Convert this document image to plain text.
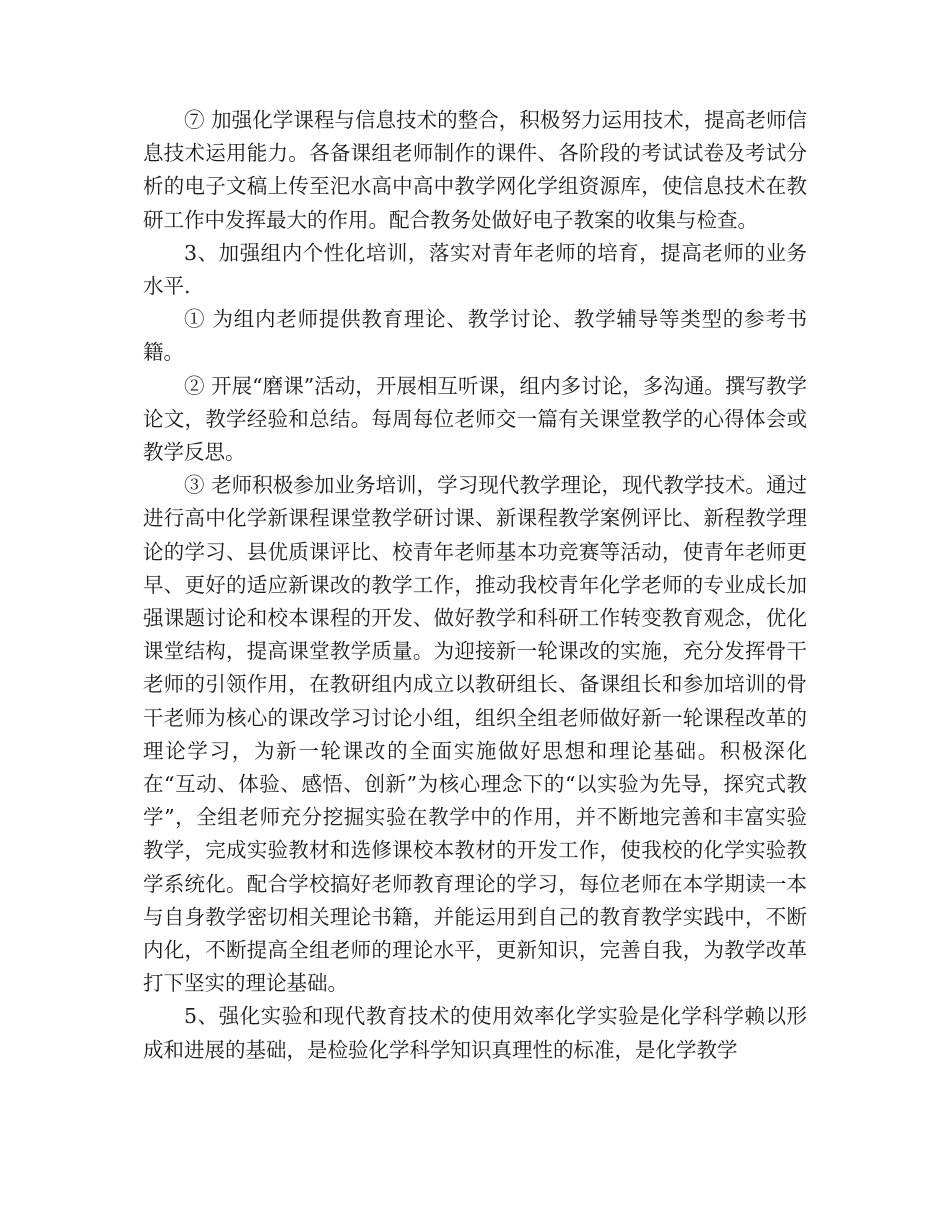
⑦ 加强化学课程与信息技术的整合，积极努力运用技术，提高老师信息技术运用能力。各备课组老师制作的课件、各阶段的考试试卷及考试分析的电子文稿上传至汜水高中高中教学网化学组资源库，使信息技术在教研工作中发挥最大的作用。配合教务处做好电子教案的收集与检查。

3、加强组内个性化培训，落实对青年老师的培育，提高老师的业务水平.

① 为组内老师提供教育理论、教学讨论、教学辅导等类型的参考书籍。

② 开展“磨课”活动，开展相互听课，组内多讨论，多沟通。撰写教学论文，教学经验和总结。每周每位老师交一篇有关课堂教学的心得体会或教学反思。

③ 老师积极参加业务培训，学习现代教学理论，现代教学技术。通过进行高中化学新课程课堂教学研讨课、新课程教学案例评比、新程教学理论的学习、县优质课评比、校青年老师基本功竞赛等活动，使青年老师更早、更好的适应新课改的教学工作，推动我校青年化学老师的专业成长加强课题讨论和校本课程的开发、做好教学和科研工作转变教育观念，优化课堂结构，提高课堂教学质量。为迎接新一轮课改的实施，充分发挥骨干老师的引领作用，在教研组内成立以教研组长、备课组长和参加培训的骨干老师为核心的课改学习讨论小组，组织全组老师做好新一轮课程改革的理论学习，为新一轮课改的全面实施做好思想和理论基础。积极深化在“互动、体验、感悟、创新”为核心理念下的“以实验为先导，探究式教学”，全组老师充分挖掘实验在教学中的作用，并不断地完善和丰富实验教学，完成实验教材和选修课校本教材的开发工作，使我校的化学实验教学系统化。配合学校搞好老师教育理论的学习，每位老师在本学期读一本与自身教学密切相关理论书籍，并能运用到自己的教育教学实践中，不断内化，不断提高全组老师的理论水平，更新知识，完善自我，为教学改革打下坚实的理论基础。

5、强化实验和现代教育技术的使用效率化学实验是化学科学赖以形成和进展的基础，是检验化学科学知识真理性的标准，是化学教学
